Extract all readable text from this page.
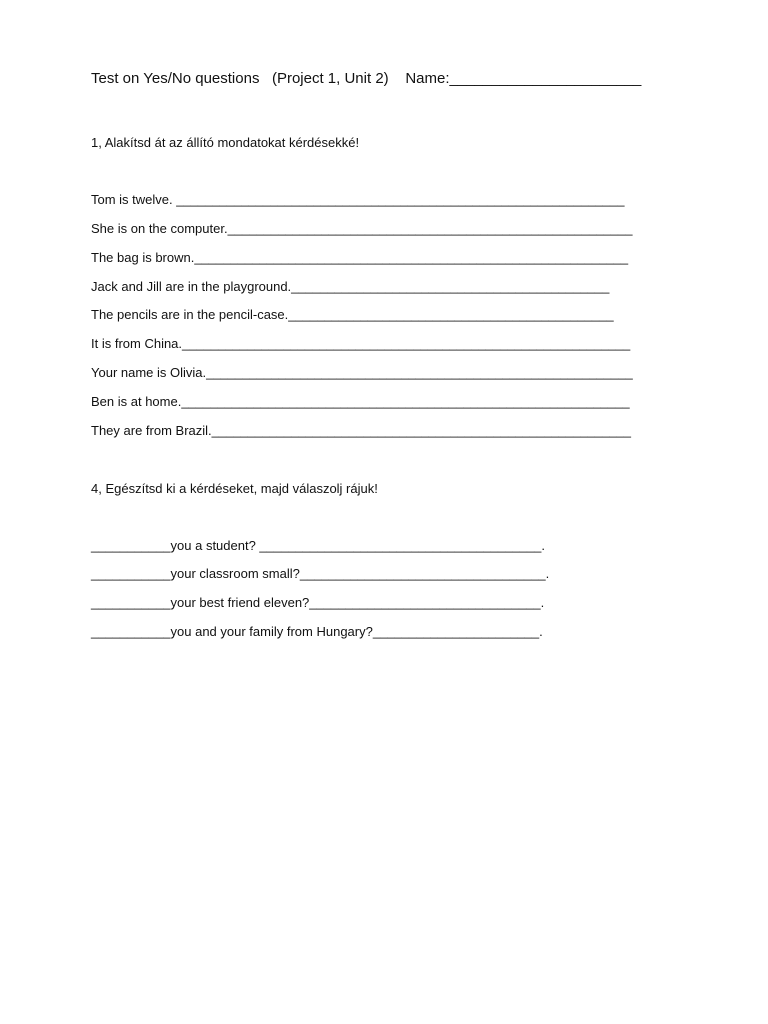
Test on Yes/No questions   (Project 1, Unit 2)    Name:_______________________
1, Alakítsd át az állító mondatokat kérdésekké!
Tom is twelve. ______________________________________________________________
She is on the computer.________________________________________________________
The bag is brown.____________________________________________________________
Jack and Jill are in the playground.____________________________________________
The pencils are in the pencil-case._____________________________________________
It is from China.______________________________________________________________
Your name is Olivia.___________________________________________________________
Ben is at home.______________________________________________________________
They are from Brazil.__________________________________________________________
4, Egészítsd ki a kérdéseket, majd válaszolj rájuk!
___________you a student? _______________________________________.
___________your classroom small?__________________________________.
___________your best friend eleven?________________________________.
___________you and your family from Hungary?_______________________.
